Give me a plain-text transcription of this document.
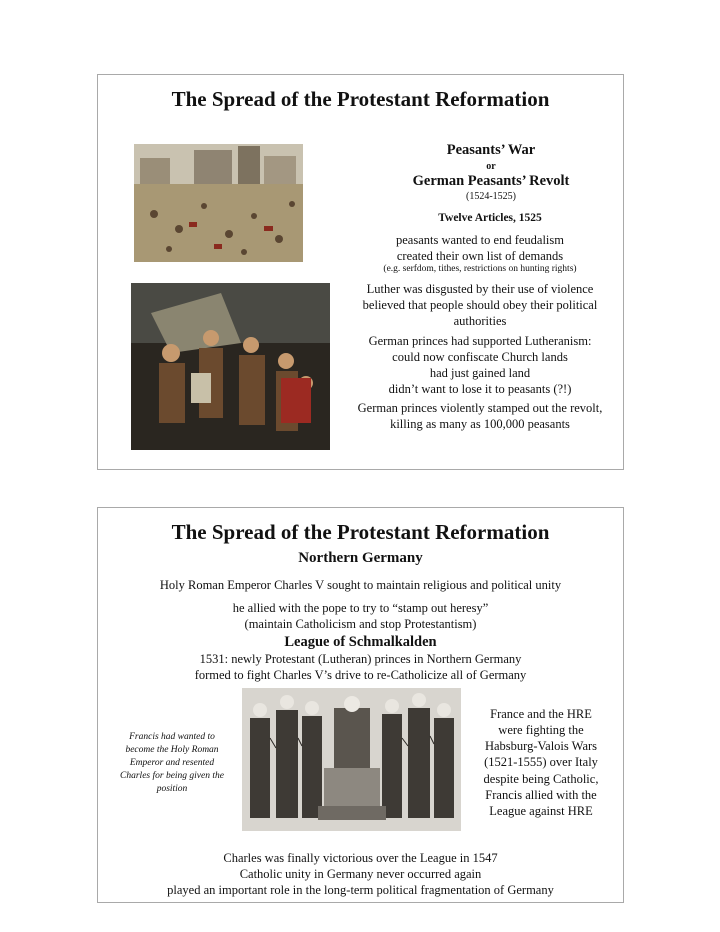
The Spread of the Protestant Reformation
Peasants’ War
or
German Peasants’ Revolt
(1524-1525)
Twelve Articles, 1525
peasants wanted to end feudalism
created their own list of demands
(e.g. serfdom, tithes, restrictions on hunting rights)
Luther was disgusted by their use of violence
believed that people should obey their political
authorities
German princes had supported Lutheranism:
could now confiscate Church lands
had just gained land
didn’t want to lose it to peasants (?!)
German princes violently stamped out the revolt,
killing as many as 100,000 peasants
The Spread of the Protestant Reformation
Northern Germany
Holy Roman Emperor Charles V sought to maintain religious and political unity
he allied with the pope to try to “stamp out heresy”
(maintain Catholicism and stop Protestantism)
League of Schmalkalden
1531: newly Protestant (Lutheran) princes in Northern Germany
formed to fight Charles V’s drive to re-Catholicize all of Germany
Francis had wanted to
become the Holy Roman
Emperor and resented
Charles for being given the
position
France and the HRE
were fighting the
Habsburg-Valois Wars
(1521-1555) over Italy
despite being Catholic,
Francis allied with the
League against HRE
Charles was finally victorious over the League in 1547
Catholic unity in Germany never occurred again
played an important role in the long-term political fragmentation of Germany
